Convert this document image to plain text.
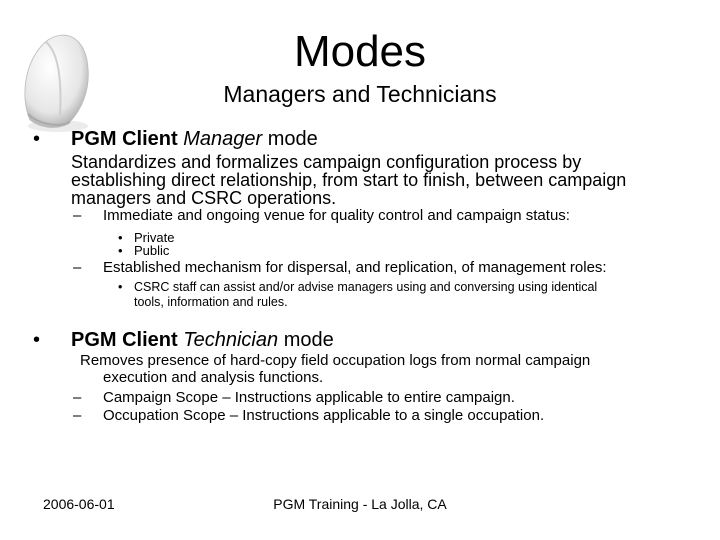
Modes
Managers and Technicians
• PGM Client Manager mode
Standardizes and formalizes campaign configuration process by
establishing direct relationship, from start to finish, between campaign
managers and CSRC operations.
– Immediate and ongoing venue for quality control and campaign status:
• Private
• Public
– Established mechanism for dispersal, and replication, of management roles:
• CSRC staff can assist and/or advise managers using and conversing using identical
tools, information and rules.
• PGM Client Technician mode
Removes presence of hard-copy field occupation logs from normal campaign
execution and analysis functions.
– Campaign Scope – Instructions applicable to entire campaign.
– Occupation Scope – Instructions applicable to a single occupation.
2006-06-01	PGM Training - La Jolla, CA
